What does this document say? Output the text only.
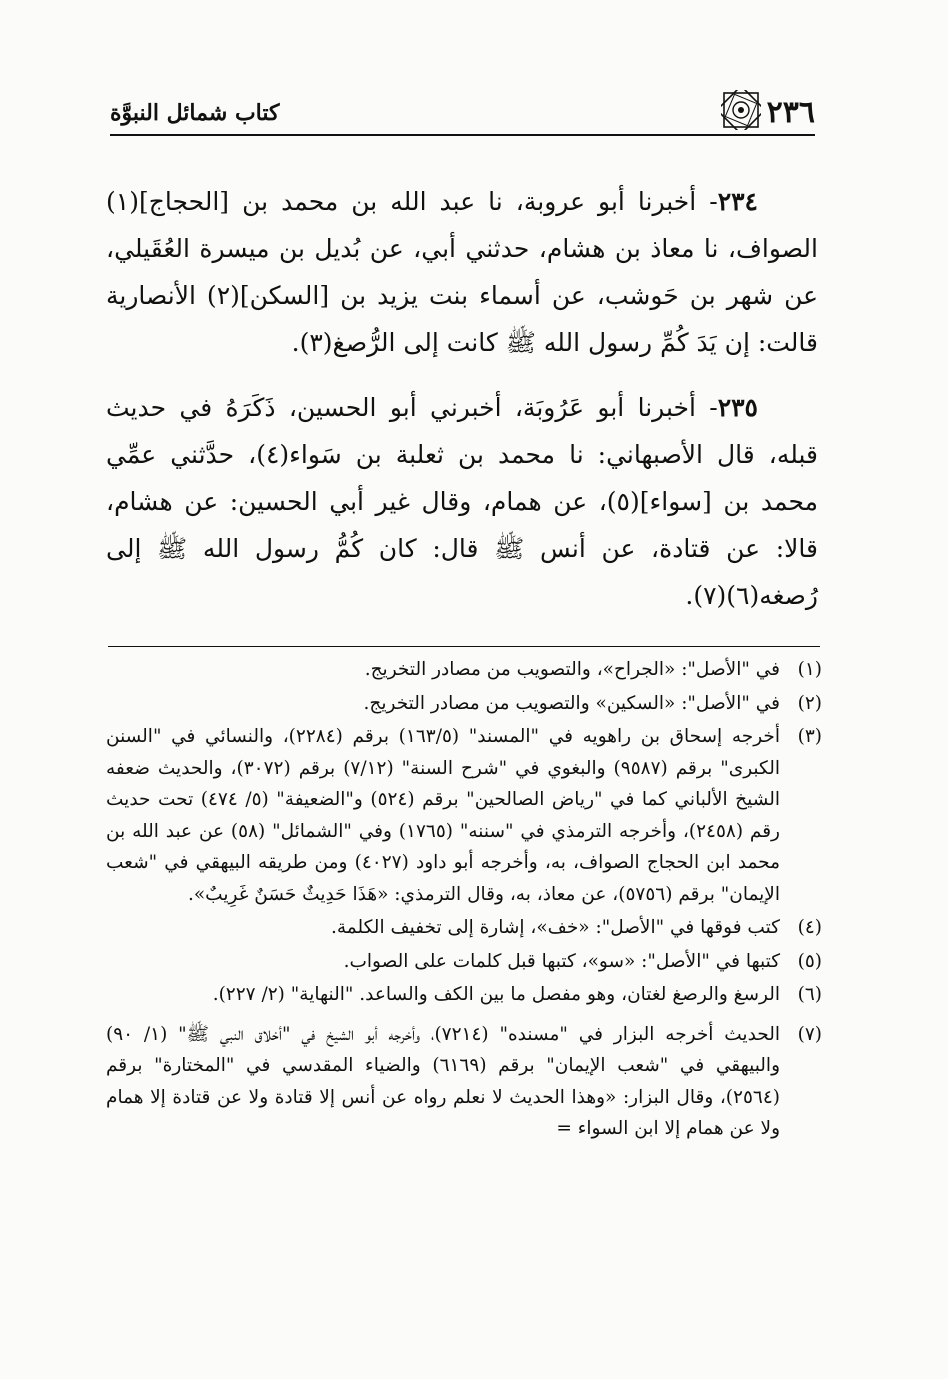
٢٣٦
كتاب شمائل النبوَّة

٢٣٤- أخبرنا أبو عروبة، نا عبد الله بن محمد بن [الحجاج](١) الصواف، نا معاذ بن هشام، حدثني أبي، عن بُديل بن ميسرة العُقَيلي، عن شهر بن حَوشب، عن أسماء بنت يزيد بن [السكن](٢) الأنصارية قالت: إن يَدَ كُمِّ رسول الله ﷺ كانت إلى الرُّصغ(٣).

٢٣٥- أخبرنا أبو عَرُوبَة، أخبرني أبو الحسين، ذَكَرَهُ في حديث قبله، قال الأصبهاني: نا محمد بن ثعلبة بن سَواء(٤)، حدَّثني عمِّي محمد بن [سواء](٥)، عن همام، وقال غير أبي الحسين: عن هشام، قالا: عن قتادة، عن أنس ﷺ قال: كان كُمُّ رسول الله ﷺ إلى رُصغه(٦)(٧).

(١)
في "الأصل": «الجراح»، والتصويب من مصادر التخريج.
(٢)
في "الأصل": «السكين» والتصويب من مصادر التخريج.
(٣)
أخرجه إسحاق بن راهويه في "المسند" (١٦٣/٥) برقم (٢٢٨٤)، والنسائي في "السنن الكبرى" برقم (٩٥٨٧) والبغوي في "شرح السنة" (٧/١٢) برقم (٣٠٧٢)، والحديث ضعفه الشيخ الألباني كما في "رياض الصالحين" برقم (٥٢٤) و"الضعيفة" (٥/ ٤٧٤) تحت حديث رقم (٢٤٥٨)، وأخرجه الترمذي في "سننه" (١٧٦٥) وفي "الشمائل" (٥٨) عن عبد الله بن محمد ابن الحجاج الصواف، به، وأخرجه أبو داود (٤٠٢٧) ومن طريقه البيهقي في "شعب الإيمان" برقم (٥٧٥٦)، عن معاذ، به، وقال الترمذي: «هَذَا حَدِيثٌ حَسَنٌ غَرِيبٌ».
(٤)
كتب فوقها في "الأصل": «خف»، إشارة إلى تخفيف الكلمة.
(٥)
كتبها في "الأصل": «سو»، كتبها قبل كلمات على الصواب.
(٦)
الرسغ والرصغ لغتان، وهو مفصل ما بين الكف والساعد. "النهاية" (٢/ ٢٢٧).
(٧)
الحديث أخرجه البزار في "مسنده" (٧٢١٤)، وأخرجه أبو الشيخ في "أخلاق النبي ﷺ" (١/ ٩٠) والبيهقي في "شعب الإيمان" برقم (٦١٦٩) والضياء المقدسي في "المختارة" برقم (٢٥٦٤)، وقال البزار: «وهذا الحديث لا نعلم رواه عن أنس إلا قتادة ولا عن قتادة إلا همام ولا عن همام إلا ابن السواء =
